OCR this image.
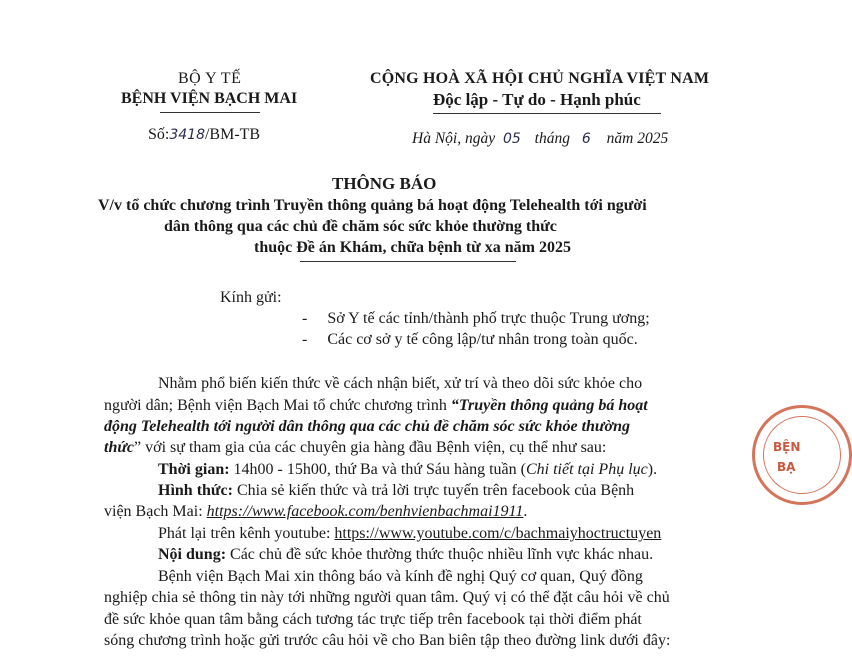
BỘ Y TẾ
BỆNH VIỆN BẠCH MAI
Số:3418/BM-TB
CỘNG HOÀ XÃ HỘI CHỦ NGHĨA VIỆT NAM
Độc lập - Tự do - Hạnh phúc
Hà Nội, ngày 05 tháng 6 năm 2025
THÔNG BÁO
V/v tổ chức chương trình Truyền thông quảng bá hoạt động Telehealth tới người
dân thông qua các chủ đề chăm sóc sức khỏe thường thức
thuộc Đề án Khám, chữa bệnh từ xa năm 2025
Kính gửi:
- Sở Y tế các tỉnh/thành phố trực thuộc Trung ương;
- Các cơ sở y tế công lập/tư nhân trong toàn quốc.
Nhằm phổ biến kiến thức về cách nhận biết, xử trí và theo dõi sức khỏe cho
người dân; Bệnh viện Bạch Mai tổ chức chương trình “Truyền thông quảng bá hoạt
động Telehealth tới người dân thông qua các chủ đề chăm sóc sức khỏe thường
thức” với sự tham gia của các chuyên gia hàng đầu Bệnh viện, cụ thể như sau:
Thời gian: 14h00 - 15h00, thứ Ba và thứ Sáu hàng tuần (Chi tiết tại Phụ lục).
Hình thức: Chia sẻ kiến thức và trả lời trực tuyến trên facebook của Bệnh
viện Bạch Mai: https://www.facebook.com/benhvienbachmai1911.
Phát lại trên kênh youtube: https://www.youtube.com/c/bachmaiyhoctructuyen
Nội dung: Các chủ đề sức khỏe thường thức thuộc nhiều lĩnh vực khác nhau.
Bệnh viện Bạch Mai xin thông báo và kính đề nghị Quý cơ quan, Quý đồng
nghiệp chia sẻ thông tin này tới những người quan tâm. Quý vị có thể đặt câu hỏi về chủ
đề sức khỏe quan tâm bằng cách tương tác trực tiếp trên facebook tại thời điểm phát
sóng chương trình hoặc gửi trước câu hỏi về cho Ban biên tập theo đường link dưới đây:
BỆN
BẠ
